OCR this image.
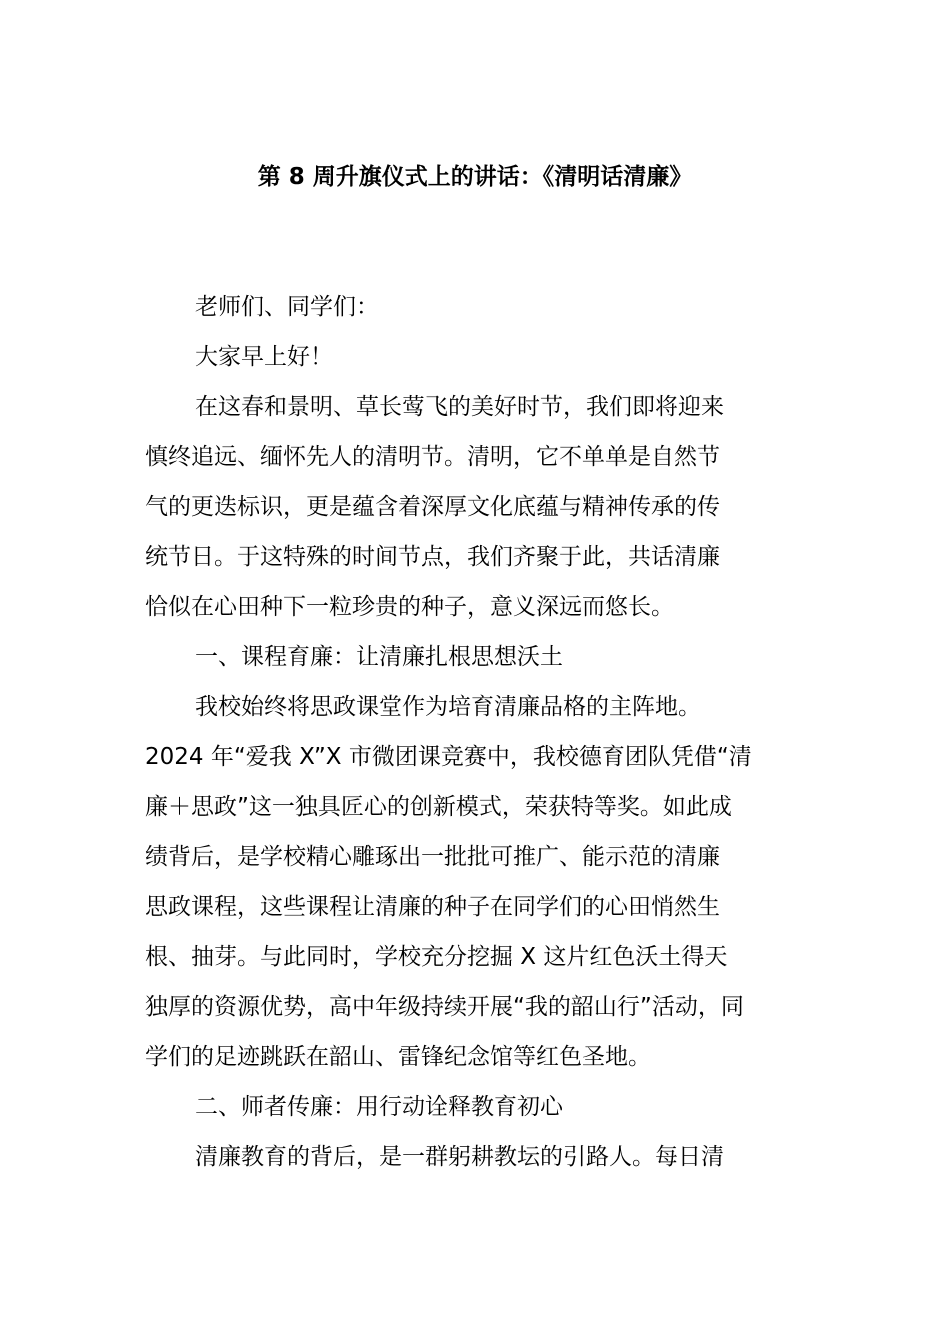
第 8 周升旗仪式上的讲话：《清明话清廉》
老师们、同学们：
大家早上好！
在这春和景明、草长莺飞的美好时节，我们即将迎来
慎终追远、缅怀先人的清明节。清明，它不单单是自然节
气的更迭标识，更是蕴含着深厚文化底蕴与精神传承的传
统节日。于这特殊的时间节点，我们齐聚于此，共话清廉
恰似在心田种下一粒珍贵的种子，意义深远而悠长。
一、课程育廉：让清廉扎根思想沃土
我校始终将思政课堂作为培育清廉品格的主阵地。
2024 年“爱我 X”X 市微团课竞赛中，我校德育团队凭借“清
廉＋思政”这一独具匠心的创新模式，荣获特等奖。如此成
绩背后，是学校精心雕琢出一批批可推广、能示范的清廉
思政课程，这些课程让清廉的种子在同学们的心田悄然生
根、抽芽。与此同时，学校充分挖掘 X 这片红色沃土得天
独厚的资源优势，高中年级持续开展“我的韶山行”活动，同
学们的足迹跳跃在韶山、雷锋纪念馆等红色圣地。
二、师者传廉：用行动诠释教育初心
清廉教育的背后，是一群躬耕教坛的引路人。每日清
